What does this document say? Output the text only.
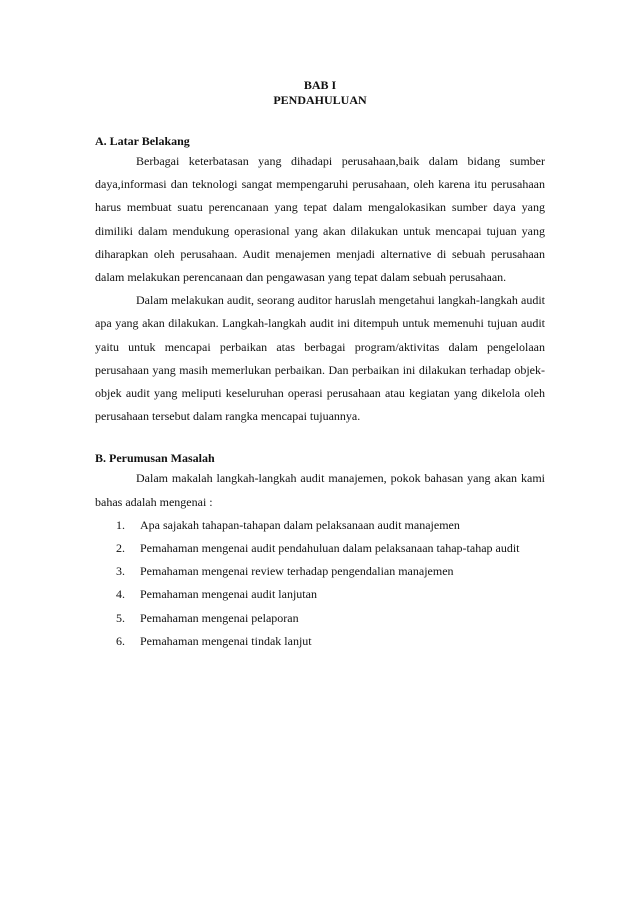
BAB I

PENDAHULUAN

A. Latar Belakang

Berbagai keterbatasan yang dihadapi perusahaan,baik dalam bidang sumber daya,informasi dan teknologi sangat mempengaruhi perusahaan, oleh karena itu perusahaan harus membuat suatu perencanaan yang tepat dalam mengalokasikan sumber daya yang dimiliki dalam mendukung operasional yang akan dilakukan untuk mencapai tujuan yang diharapkan oleh perusahaan. Audit menajemen menjadi alternative di sebuah perusahaan dalam melakukan perencanaan dan pengawasan yang tepat dalam sebuah perusahaan.

Dalam melakukan audit, seorang auditor haruslah mengetahui langkah-langkah audit apa yang akan dilakukan. Langkah-langkah audit ini ditempuh untuk memenuhi tujuan audit yaitu untuk mencapai perbaikan atas berbagai program/aktivitas dalam pengelolaan perusahaan yang masih memerlukan perbaikan. Dan perbaikan ini dilakukan terhadap objek-objek audit yang meliputi keseluruhan operasi perusahaan atau kegiatan yang dikelola oleh perusahaan tersebut dalam rangka mencapai tujuannya.

B. Perumusan Masalah

Dalam makalah langkah-langkah audit manajemen, pokok bahasan yang akan kami bahas adalah mengenai :

1.	Apa sajakah tahapan-tahapan dalam pelaksanaan audit manajemen
2.	Pemahaman mengenai audit pendahuluan dalam pelaksanaan tahap-tahap audit
3.	Pemahaman mengenai review terhadap pengendalian manajemen
4.	Pemahaman mengenai audit lanjutan
5.	Pemahaman mengenai pelaporan
6.	Pemahaman mengenai tindak lanjut
